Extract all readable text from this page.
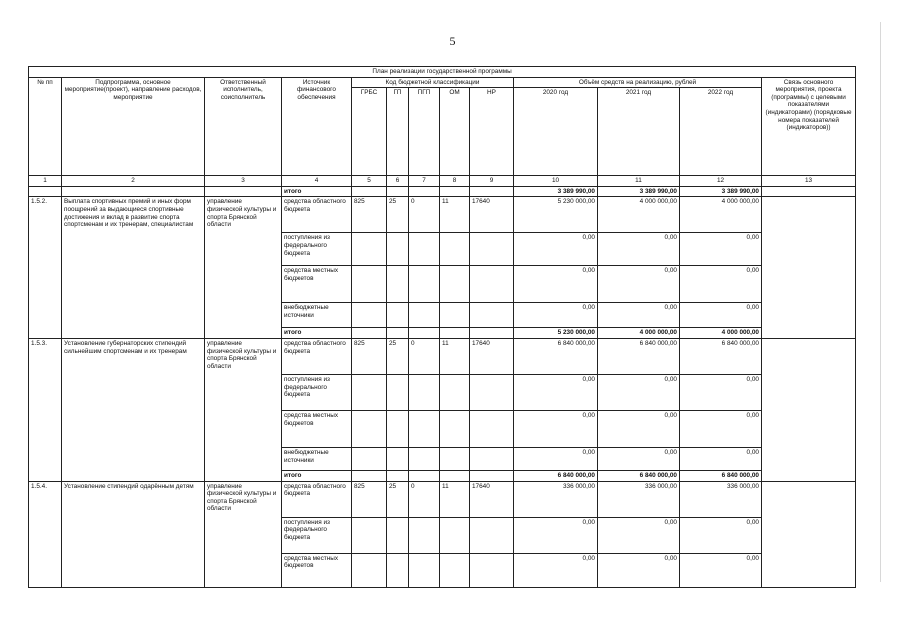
5
План реализации государственной программы												
№ пп	Подпрограмма, основное мероприятие(проект), направление расходов, мероприятие	Ответственный исполнитель, соисполнитель	Источник финансового обеспечения	Код бюджетной классификации					Объём средств на реализацию, рублей			Связь основного мероприятия, проекта (программы) с целевыми показателями (индикаторами) (порядковые номера показателей (индикаторов))
				ГРБС	ГП	ПГП	ОМ	НР	2020 год	2021 год	2022 год	
1	2	3	4	5	6	7	8	9	10	11	12	13
			итого						3 389 990,00	3 389 990,00	3 389 990,00	
1.5.2.	Выплата спортивных премий и иных форм поощрений за выдающиеся спортивные достижения и вклад в развитие спорта спортсменам и их тренерам, специалистам	управление физической культуры и спорта Брянской области	средства областного бюджета	825	25	0	11	17640	5 230 000,00	4 000 000,00	4 000 000,00	
			поступления из федерального бюджета						0,00	0,00	0,00	
			средства местных бюджетов						0,00	0,00	0,00	
			внебюджетные источники						0,00	0,00	0,00	
			итого						5 230 000,00	4 000 000,00	4 000 000,00	
1.5.3.	Установление губернаторских стипендий сильнейшим спортсменам и их тренерам	управление физической культуры и спорта Брянской области	средства областного бюджета	825	25	0	11	17640	6 840 000,00	6 840 000,00	6 840 000,00	
			поступления из федерального бюджета						0,00	0,00	0,00	
			средства местных бюджетов						0,00	0,00	0,00	
			внебюджетные источники						0,00	0,00	0,00	
			итого						6 840 000,00	6 840 000,00	6 840 000,00	
1.5.4.	Установление стипендий одарённым детям	управление физической культуры и спорта Брянской области	средства областного бюджета	825	25	0	11	17640	336 000,00	336 000,00	336 000,00	
			поступления из федерального бюджета						0,00	0,00	0,00	
			средства местных бюджетов						0,00	0,00	0,00	
